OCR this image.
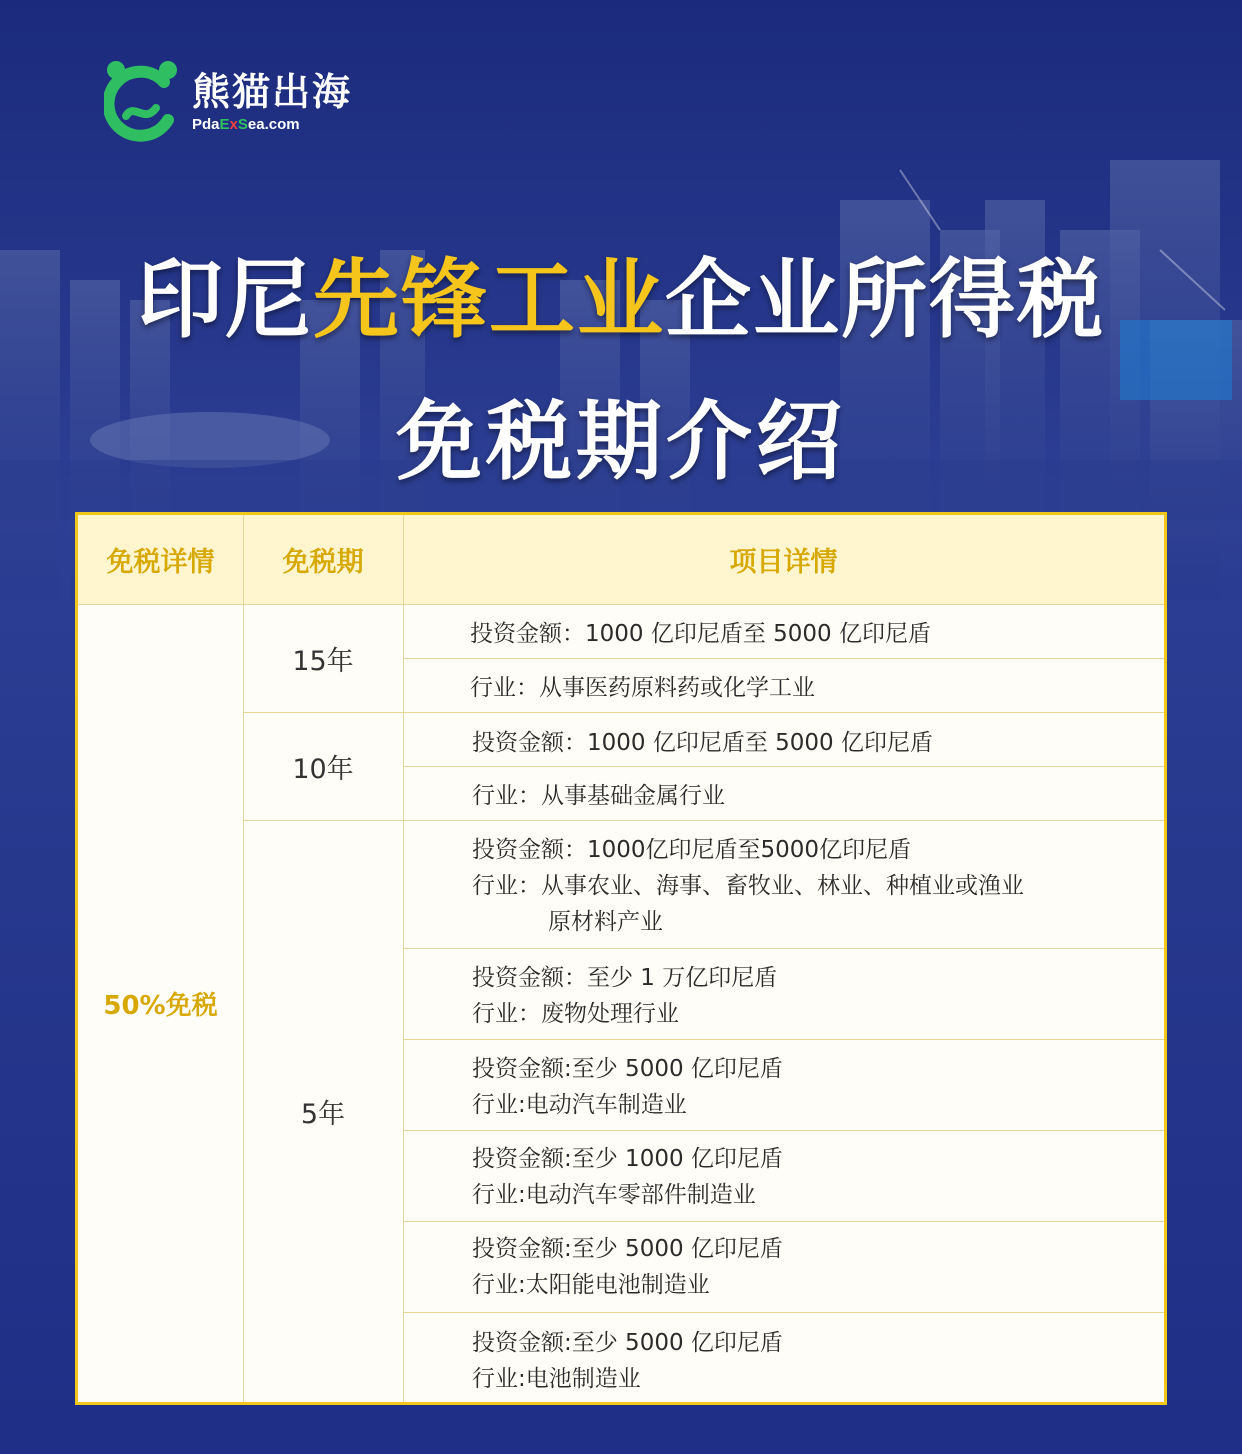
熊猫出海
PdaExSea.com
印尼先锋工业企业所得税
免税期介绍
免税详情	免税期	项目详情
50%免税
15年
10年
5年
投资金额：1000 亿印尼盾至 5000 亿印尼盾
行业：从事医药原料药或化学工业
投资金额：1000 亿印尼盾至 5000 亿印尼盾
行业：从事基础金属行业
投资金额：1000亿印尼盾至5000亿印尼盾
行业：从事农业、海事、畜牧业、林业、种植业或渔业
原材料产业
投资金额：至少 1 万亿印尼盾
行业：废物处理行业
投资金额:至少 5000 亿印尼盾
行业:电动汽车制造业
投资金额:至少 1000 亿印尼盾
行业:电动汽车零部件制造业
投资金额:至少 5000 亿印尼盾
行业:太阳能电池制造业
投资金额:至少 5000 亿印尼盾
行业:电池制造业
